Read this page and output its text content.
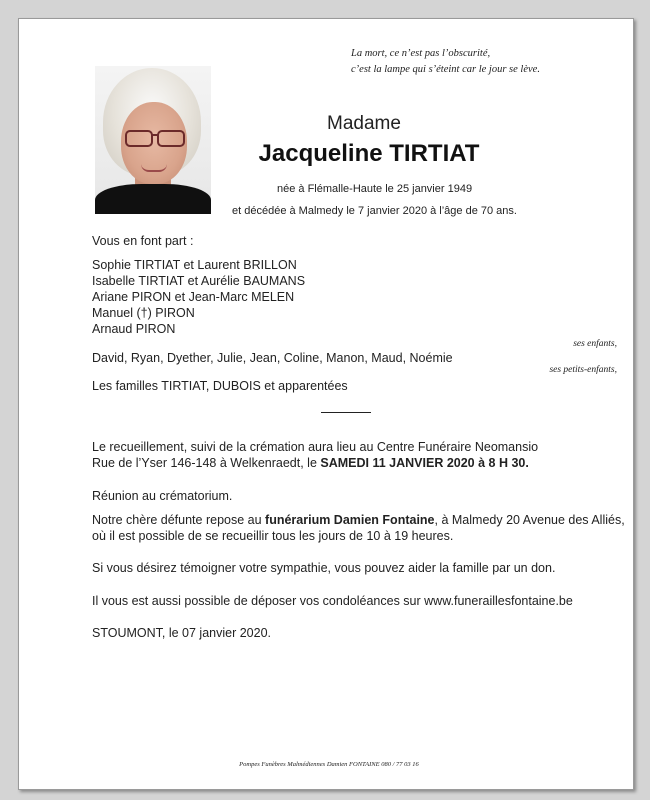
La mort, ce n’est pas l’obscurité,
c’est la lampe qui s’éteint car le jour se lève.
Madame
Jacqueline TIRTIAT
née à Flémalle-Haute le 25 janvier 1949
et décédée à Malmedy le 7 janvier 2020 à l’âge de 70 ans.
Vous en font part :
Sophie TIRTIAT et Laurent BRILLON
Isabelle TIRTIAT et Aurélie BAUMANS
Ariane PIRON et Jean-Marc MELEN
Manuel (†) PIRON
Arnaud PIRON
ses enfants,
David, Ryan, Dyether, Julie, Jean, Coline, Manon, Maud, Noémie
ses petits-enfants,
Les familles TIRTIAT, DUBOIS et apparentées
Le recueillement, suivi de la crémation aura lieu au Centre Funéraire Neomansio
Rue de l’Yser 146-148 à Welkenraedt, le SAMEDI 11 JANVIER 2020 à 8 H 30.
Réunion au crématorium.
Notre chère défunte repose au funérarium Damien Fontaine, à Malmedy 20 Avenue des Alliés,
où il est possible de se recueillir tous les jours de 10 à 19 heures.
Si vous désirez témoigner votre sympathie, vous pouvez aider la famille par un don.
Il vous est aussi possible de déposer vos condoléances sur www.funeraillesfontaine.be
STOUMONT, le 07 janvier 2020.
Pompes Funèbres Malmédiennes Damien FONTAINE 080 / 77 03 16
